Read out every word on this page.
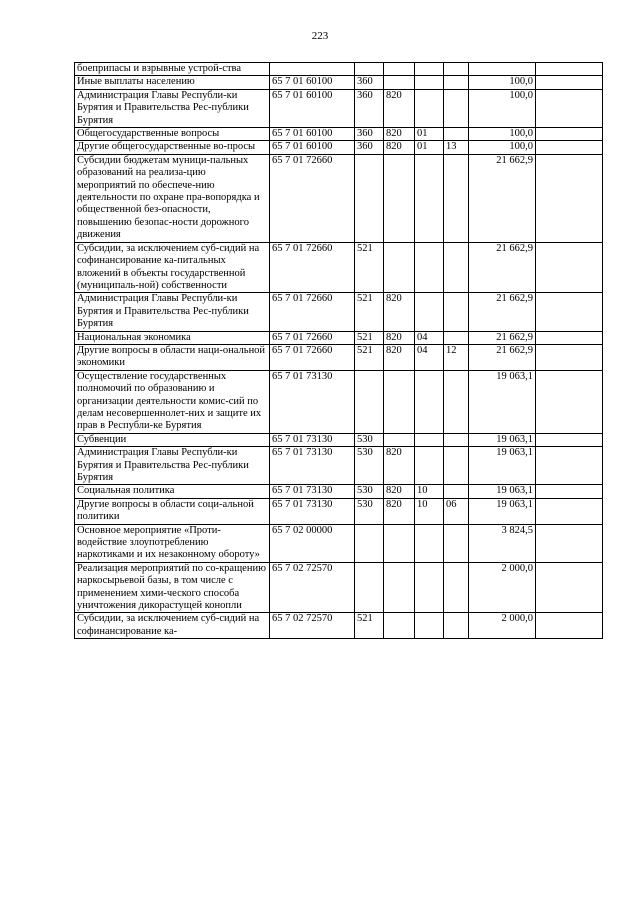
223
боеприпасы и взрывные устрой-ства							
Иные выплаты населению	65 7 01 60100	360				100,0	
Администрация Главы Республи-ки Бурятия и Правительства Рес-публики Бурятия	65 7 01 60100	360	820			100,0	
Общегосударственные вопросы	65 7 01 60100	360	820	01		100,0	
Другие общегосударственные во-просы	65 7 01 60100	360	820	01	13	100,0	
Субсидии бюджетам муници-пальных образований на реализа-цию мероприятий по обеспече-нию деятельности по охране пра-вопорядка и общественной без-опасности, повышению безопас-ности дорожного движения	65 7 01 72660					21 662,9	
Субсидии, за исключением суб-сидий на софинансирование ка-питальных вложений в объекты государственной (муниципаль-ной) собственности	65 7 01 72660	521				21 662,9	
Администрация Главы Республи-ки Бурятия и Правительства Рес-публики Бурятия	65 7 01 72660	521	820			21 662,9	
Национальная экономика	65 7 01 72660	521	820	04		21 662,9	
Другие вопросы в области наци-ональной экономики	65 7 01 72660	521	820	04	12	21 662,9	
Осуществление государственных полномочий по образованию и организации деятельности комис-сий по делам несовершеннолет-них и защите их прав в Республи-ке Бурятия	65 7 01 73130					19 063,1	
Субвенции	65 7 01 73130	530				19 063,1	
Администрация Главы Республи-ки Бурятия и Правительства Рес-публики Бурятия	65 7 01 73130	530	820			19 063,1	
Социальная политика	65 7 01 73130	530	820	10		19 063,1	
Другие вопросы в области соци-альной политики	65 7 01 73130	530	820	10	06	19 063,1	
Основное мероприятие «Проти-водействие злоупотреблению наркотиками и их незаконному обороту»	65 7 02 00000					3 824,5	
Реализация мероприятий по со-кращению наркосырьевой базы, в том числе с применением хими-ческого способа уничтожения дикорастущей конопли	65 7 02 72570					2 000,0	
Субсидии, за исключением суб-сидий на софинансирование ка-	65 7 02 72570	521				2 000,0	
